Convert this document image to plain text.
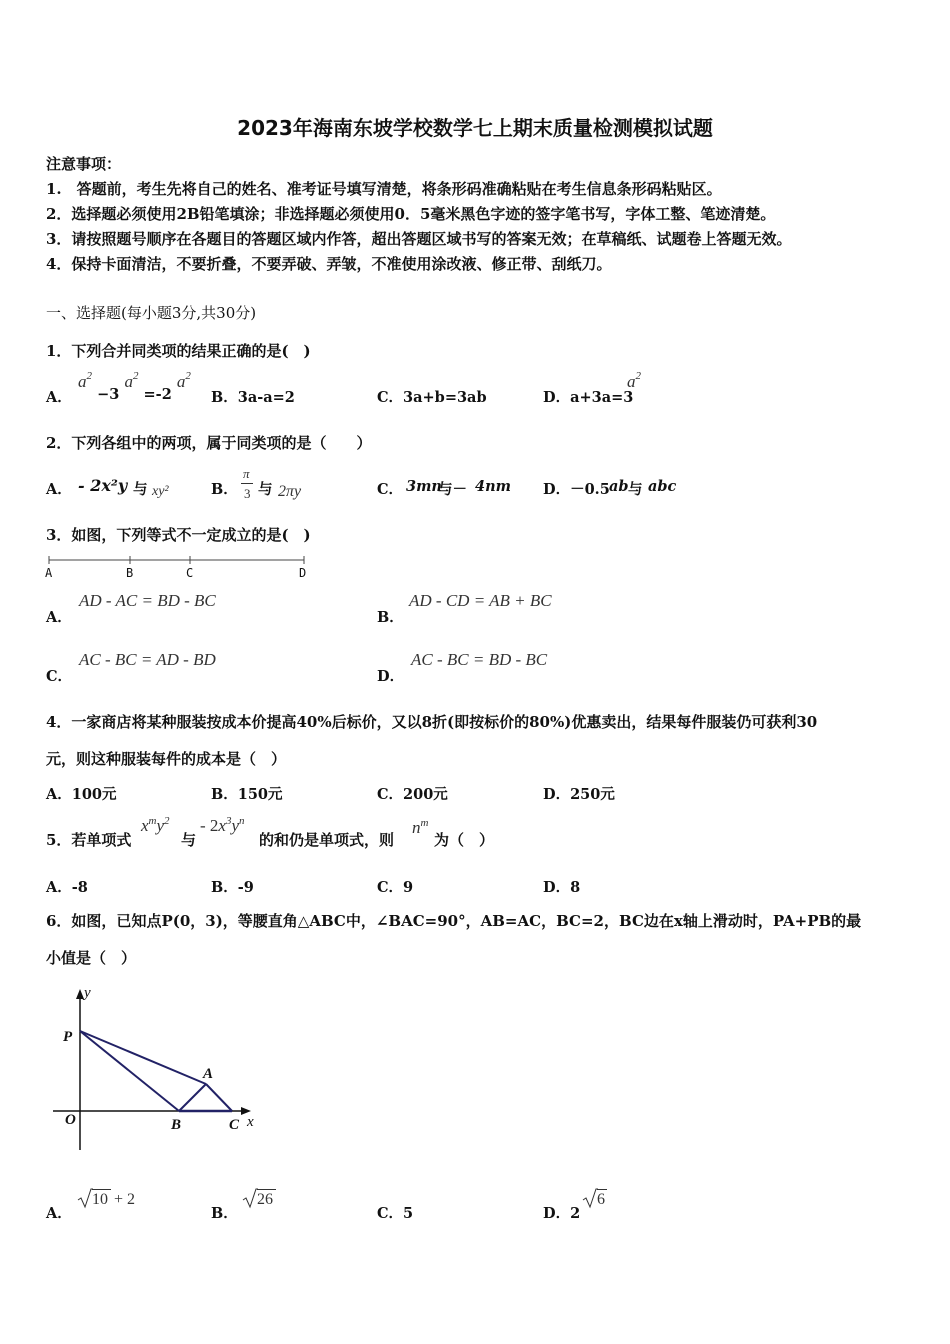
2023年海南东坡学校数学七上期末质量检测模拟试题
注意事项：
1.　答题前，考生先将自己的姓名、准考证号填写清楚，将条形码准确粘贴在考生信息条形码粘贴区。
2．选择题必须使用2B铅笔填涂；非选择题必须使用0．5毫米黑色字迹的签字笔书写，字体工整、笔迹清楚。
3．请按照题号顺序在各题目的答题区域内作答，超出答题区域书写的答案无效；在草稿纸、试题卷上答题无效。
4．保持卡面清洁，不要折叠，不要弄破、弄皱，不准使用涂改液、修正带、刮纸刀。
一、选择题(每小题3分,共30分)
1．下列合并同类项的结果正确的是(　)
A．
$a^2 -3$ $a^2 =-2$ $a^2$
B．3a-a=2	C．3a+b=3ab	D．a+3a=3
$a^2$
2．下列各组中的两项，属于同类项的是（　　）
A． - 2x²y 与 xy²	B．
π
3 与 2πy	C． 3mn
与－ 4nm D．－0.5 ab 与 abc
3．如图，下列等式不一定成立的是(　)
A	B	C	D
A．
AD - AC = BD - BC
B．
AD - CD = AB + BC
C．
AC - BC = AD - BD
D．
AC - BC = BD - BC
4．一家商店将某种服装按成本价提高40%后标价，又以8折(即按标价的80%)优惠卖出，结果每件服装仍可获利30
元，则这种服装每件的成本是（　）
A．100元	B．150元	C．200元	D．250元
5．若单项式
$x^my^2$
与
- $2x^3y^n$
的和仍是单项式，则
$n^m$
为（　）
A．-8	B．-9	C．9	D．8
6．如图，已知点P(0，3)，等腰直角△ABC中，∠BAC=90°，AB=AC，BC=2，BC边在x轴上滑动时，PA+PB的最
小值是（　）
y
x
P
O
A
B	C
A．
10 + 2
B．
26
C．5	D．2
6
